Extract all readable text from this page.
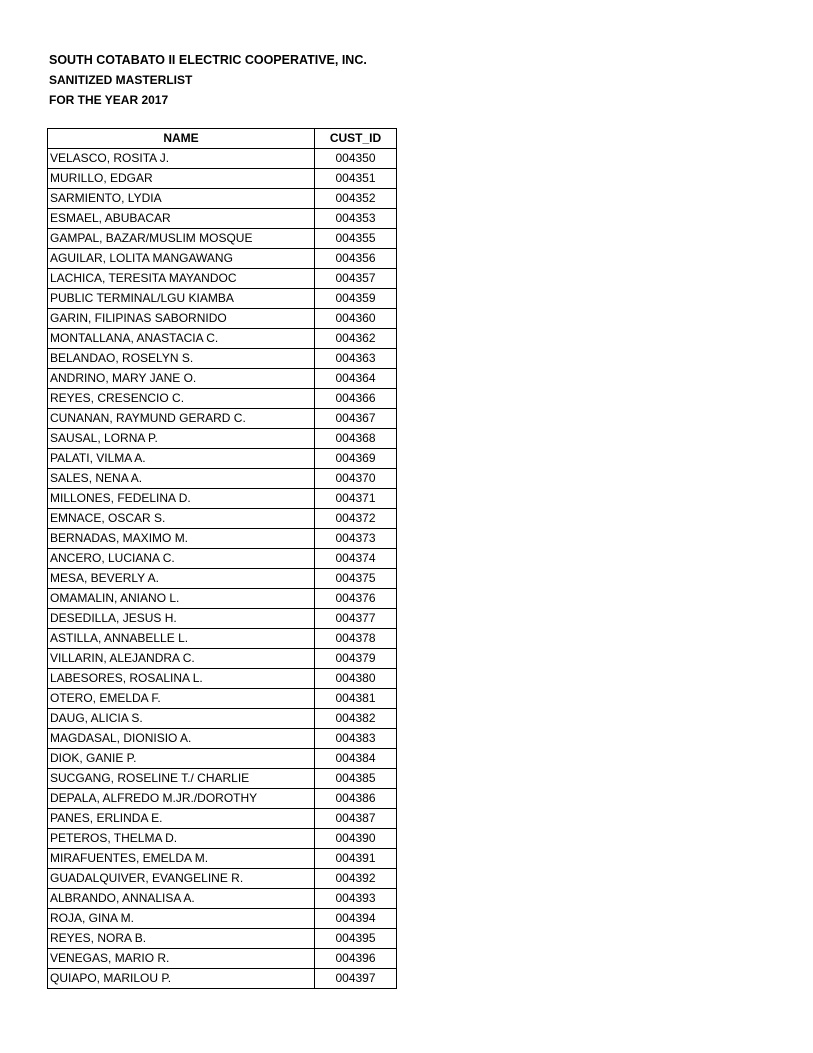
SOUTH COTABATO II ELECTRIC COOPERATIVE, INC.
SANITIZED MASTERLIST
FOR THE YEAR 2017
NAME	CUST_ID
VELASCO, ROSITA J.	004350
MURILLO, EDGAR	004351
SARMIENTO, LYDIA	004352
ESMAEL, ABUBACAR	004353
GAMPAL, BAZAR/MUSLIM MOSQUE	004355
AGUILAR, LOLITA MANGAWANG	004356
LACHICA, TERESITA MAYANDOC	004357
PUBLIC TERMINAL/LGU KIAMBA	004359
GARIN, FILIPINAS SABORNIDO	004360
MONTALLANA, ANASTACIA C.	004362
BELANDAO, ROSELYN S.	004363
ANDRINO, MARY JANE O.	004364
REYES, CRESENCIO C.	004366
CUNANAN, RAYMUND GERARD C.	004367
SAUSAL, LORNA P.	004368
PALATI, VILMA A.	004369
SALES, NENA A.	004370
MILLONES, FEDELINA D.	004371
EMNACE, OSCAR S.	004372
BERNADAS, MAXIMO M.	004373
ANCERO, LUCIANA C.	004374
MESA, BEVERLY A.	004375
OMAMALIN, ANIANO L.	004376
DESEDILLA, JESUS H.	004377
ASTILLA, ANNABELLE L.	004378
VILLARIN, ALEJANDRA C.	004379
LABESORES, ROSALINA L.	004380
OTERO, EMELDA F.	004381
DAUG, ALICIA S.	004382
MAGDASAL, DIONISIO A.	004383
DIOK, GANIE P.	004384
SUCGANG, ROSELINE T./ CHARLIE	004385
DEPALA, ALFREDO M.JR./DOROTHY	004386
PANES, ERLINDA E.	004387
PETEROS, THELMA D.	004390
MIRAFUENTES, EMELDA M.	004391
GUADALQUIVER, EVANGELINE R.	004392
ALBRANDO, ANNALISA A.	004393
ROJA, GINA M.	004394
REYES, NORA B.	004395
VENEGAS, MARIO R.	004396
QUIAPO, MARILOU P.	004397
